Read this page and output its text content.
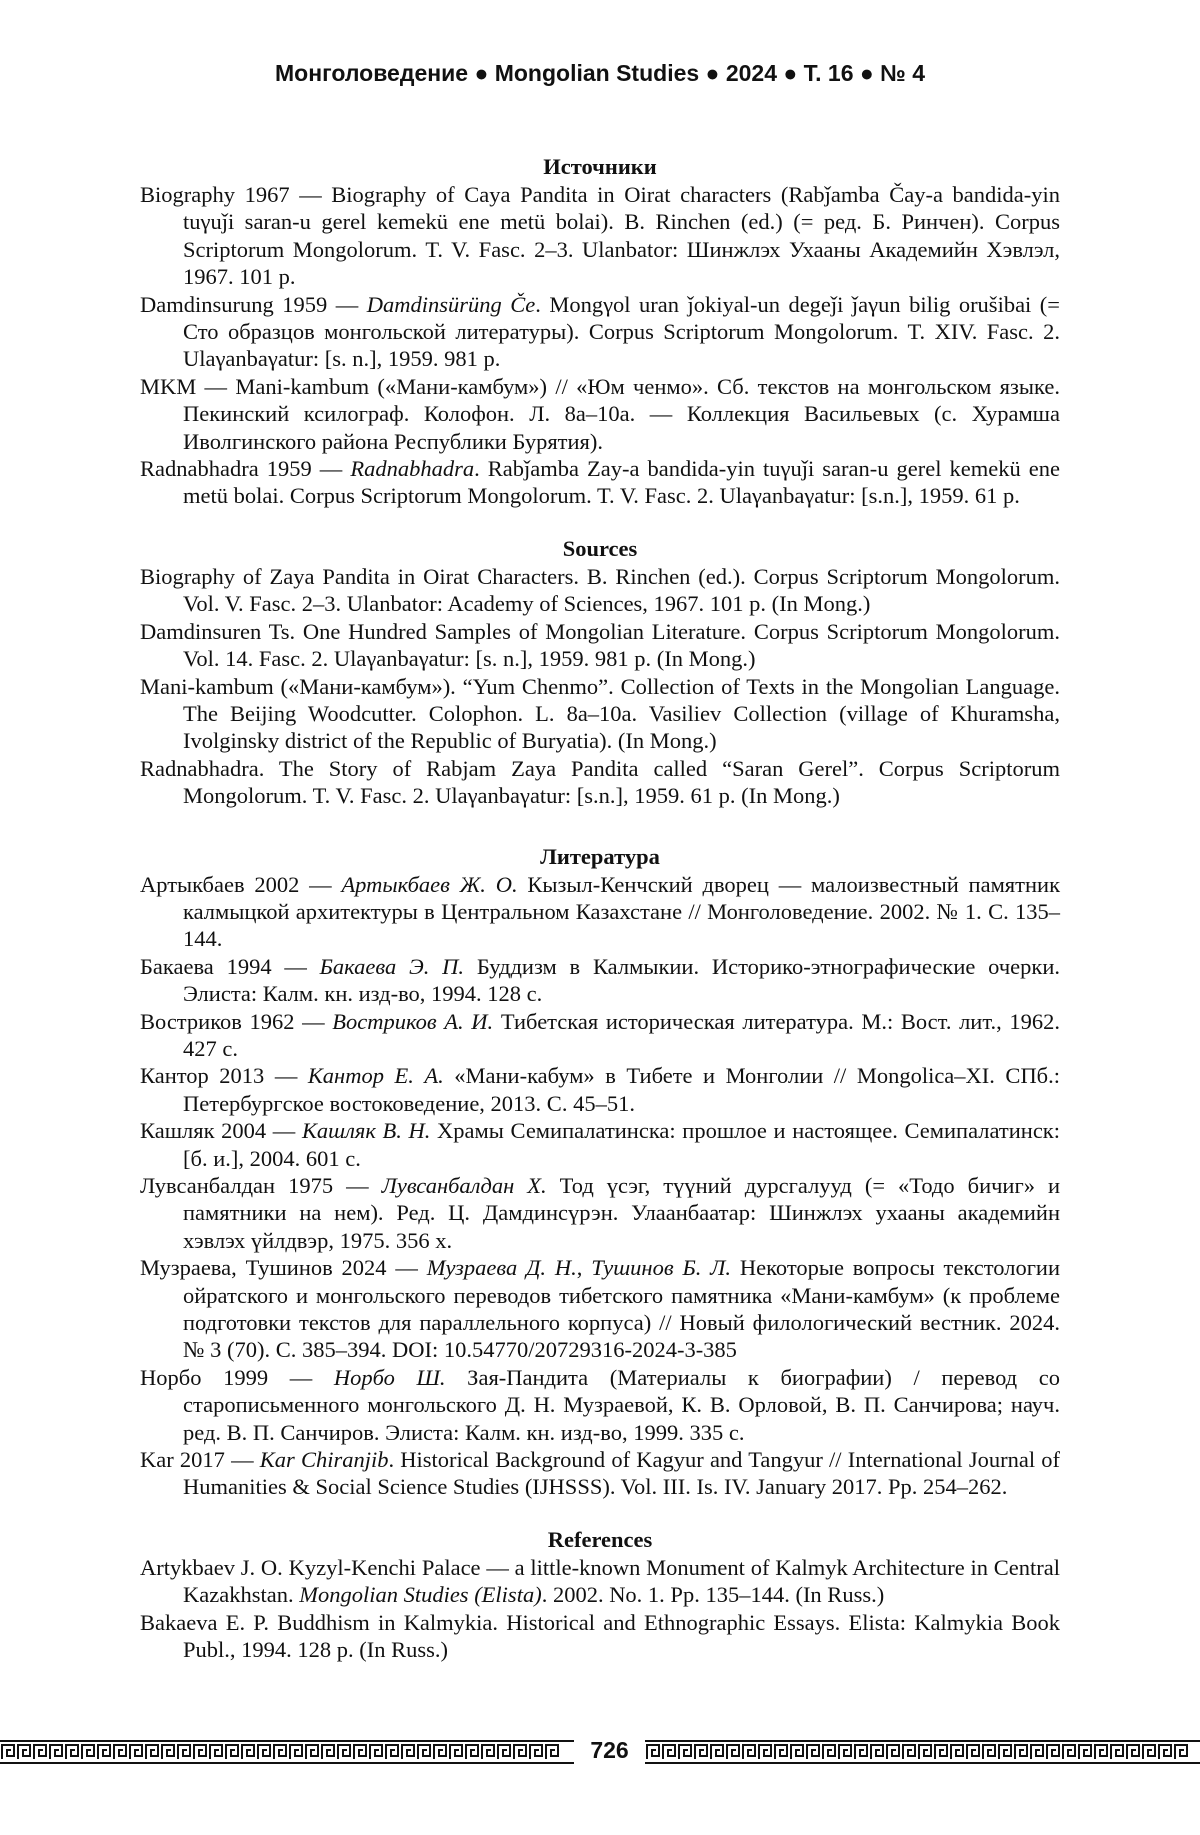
Монголоведение ● Mongolian Studies ● 2024 ● Т. 16 ● № 4
Источники

Biography 1967 — Biography of Caya Pandita in Oirat characters (Rabǰamba Čay-a bandida-yin tuγuǰi saran-u gerel kemekü ene metü bolai). B. Rinchen (ed.) (= ред. Б. Ринчен). Corpus Scriptorum Mongolorum. T. V. Fasc. 2–3. Ulanbator: Шинжлэх Ухааны Академийн Хэвлэл, 1967. 101 p.

Damdinsurung 1959 — Damdinsürüng Če. Mongγol uran ǰokiyal-un degeǰi ǰaγun bilig orušibai (= Сто образцов монгольской литературы). Corpus Scriptorum Mongolorum. T. XIV. Fasc. 2. Ulaγanbaγatur: [s. n.], 1959. 981 p.

MKM — Mani-kambum («Мани-камбум») // «Юм ченмо». Сб. текстов на монгольском языке. Пекинский ксилограф. Колофон. Л. 8а–10а. — Коллекция Васильевых (с. Хурамша Иволгинского района Республики Бурятия).

Radnabhadra 1959 — Radnabhadra. Rabǰamba Zay-a bandida-yin tuγuǰi saran-u gerel kemekü ene metü bolai. Corpus Scriptorum Mongolorum. T. V. Fasc. 2. Ulaγanbaγatur: [s.n.], 1959. 61 p.

Sources

Biography of Zaya Pandita in Oirat Characters. B. Rinchen (ed.). Corpus Scriptorum Mongolorum. Vol. V. Fasc. 2–3. Ulanbator: Academy of Sciences, 1967. 101 p. (In Mong.)

Damdinsuren Ts. One Hundred Samples of Mongolian Literature. Corpus Scriptorum Mongolorum. Vol. 14. Fasc. 2. Ulaγanbaγatur: [s. n.], 1959. 981 p. (In Mong.)

Mani-kambum («Мани-камбум»). “Yum Chenmo”. Collection of Texts in the Mongolian Language. The Beijing Woodcutter. Colophon. L. 8a–10a. Vasiliev Collection (village of Khuramsha, Ivolginsky district of the Republic of Buryatia). (In Mong.)

Radnabhadra. The Story of Rabjam Zaya Pandita called “Saran Gerel”. Corpus Scriptorum Mongolorum. T. V. Fasc. 2. Ulaγanbaγatur: [s.n.], 1959. 61 p. (In Mong.)

Литература

Артыкбаев 2002 — Артыкбаев Ж. О. Кызыл-Кенчский дворец — малоизвестный памятник калмыцкой архитектуры в Центральном Казахстане // Монголоведение. 2002. № 1. С. 135–144.

Бакаева 1994 — Бакаева Э. П. Буддизм в Калмыкии. Историко-этнографические очерки. Элиста: Калм. кн. изд-во, 1994. 128 с.

Востриков 1962 — Востриков А. И. Тибетская историческая литература. М.: Вост. лит., 1962. 427 с.

Кантор 2013 — Кантор Е. А. «Мани-кабум» в Тибете и Монголии // Mongolica–XI. СПб.: Петербургское востоковедение, 2013. С. 45–51.

Кашляк 2004 — Кашляк В. Н. Храмы Семипалатинска: прошлое и настоящее. Семипалатинск: [б. и.], 2004. 601 с.

Лувсанбалдан 1975 — Лувсанбалдан Х. Тод үсэг, түүний дурсгалууд (= «Тодо бичиг» и памятники на нем). Ред. Ц. Дамдинсүрэн. Улаанбаатар: Шинжлэх ухааны академийн хэвлэх үйлдвэр, 1975. 356 х.

Музраева, Тушинов 2024 — Музраева Д. Н., Тушинов Б. Л. Некоторые вопросы текстологии ойратского и монгольского переводов тибетского памятника «Мани-камбум» (к проблеме подготовки текстов для параллельного корпуса) // Новый филологический вестник. 2024. № 3 (70). С. 385–394. DOI: 10.54770/20729316-2024-3-385

Норбо 1999 — Норбо Ш. Зая-Пандита (Материалы к биографии) / перевод со старописьменного монгольского Д. Н. Музраевой, К. В. Орловой, В. П. Санчирова; науч. ред. В. П. Санчиров. Элиста: Калм. кн. изд-во, 1999. 335 с.

Kar 2017 — Kar Chiranjib. Historical Background of Kagyur and Tangyur // International Journal of Humanities & Social Science Studies (IJHSSS). Vol. III. Is. IV. January 2017. Pp. 254–262.

References

Artykbaev J. O. Kyzyl-Kenchi Palace — a little-known Monument of Kalmyk Architecture in Central Kazakhstan. Mongolian Studies (Elista). 2002. No. 1. Pp. 135–144. (In Russ.)

Bakaeva E. P. Buddhism in Kalmykia. Historical and Ethnographic Essays. Elista: Kalmykia Book Publ., 1994. 128 p. (In Russ.)

726
